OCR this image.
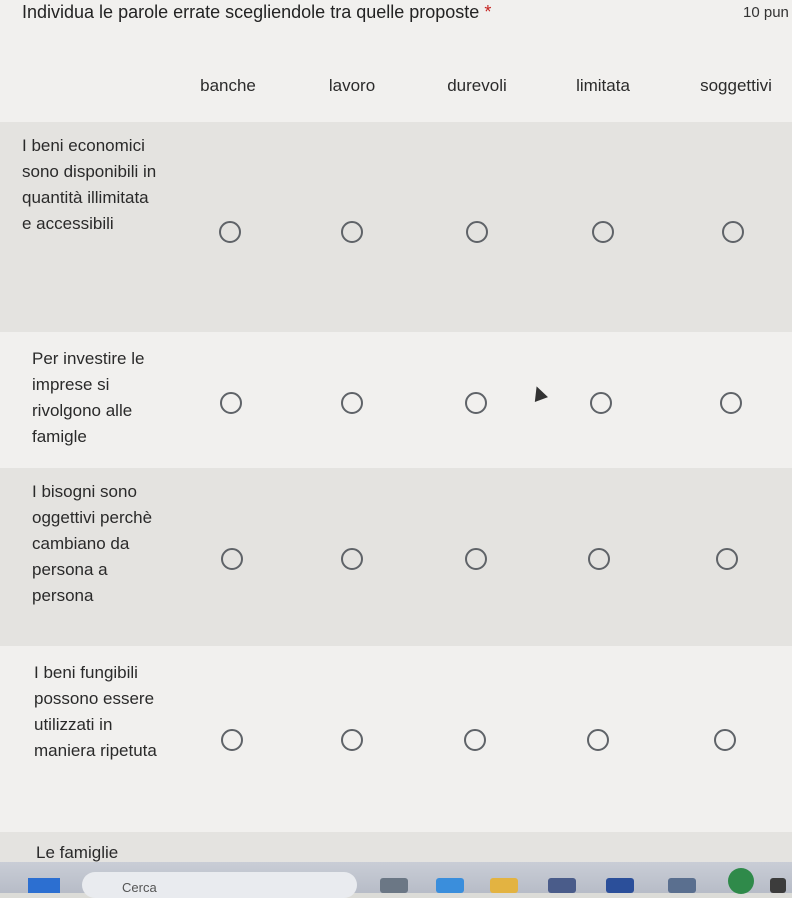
Individua le parole errate scegliendole tra quelle proposte *	10 pun
banche	lavoro	durevoli	limitata	soggettivi
I beni economici sono disponibili in quantità illimitata e accessibili
Per investire le imprese si rivolgono alle famigle
I bisogni sono oggettivi perchè cambiano da persona a persona
I beni fungibili possono essere utilizzati in maniera ripetuta
Le famiglie
Cerca
